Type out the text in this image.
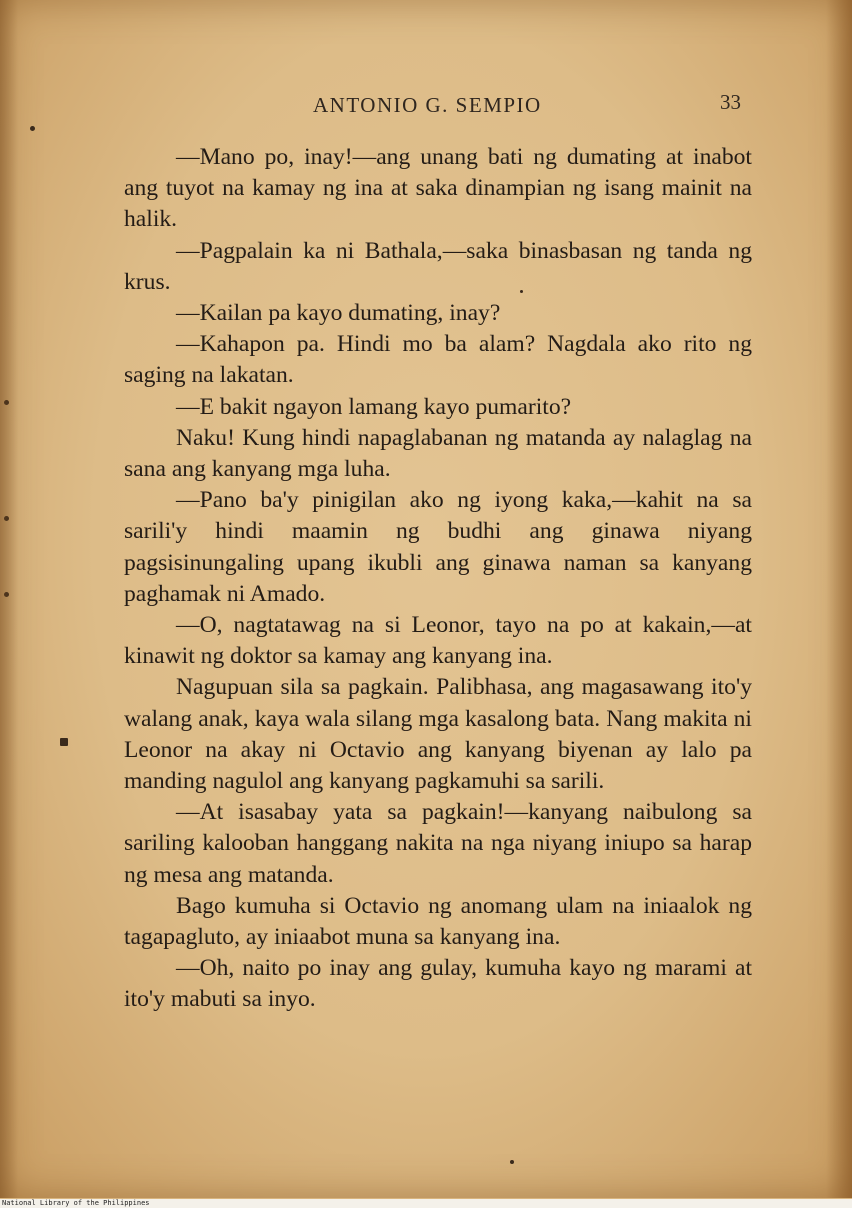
ANTONIO G. SEMPIO	33

—Mano po, inay!—ang unang bati ng dumating at inabot ang tuyot na kamay ng ina at saka dinampian ng isang mainit na halik.

—Pagpalain ka ni Bathala,—saka binasbasan ng tanda ng krus.

—Kailan pa kayo dumating, inay?

—Kahapon pa. Hindi mo ba alam? Nagdala ako rito ng saging na lakatan.

—E bakit ngayon lamang kayo pumarito?

Naku! Kung hindi napaglabanan ng matanda ay nalaglag na sana ang kanyang mga luha.

—Pano ba'y pinigilan ako ng iyong kaka,—kahit na sa sarili'y hindi maamin ng budhi ang ginawa niyang pagsisinungaling upang ikubli ang ginawa naman sa kanyang paghamak ni Amado.

—O, nagtatawag na si Leonor, tayo na po at kakain,—at kinawit ng doktor sa kamay ang kanyang ina.

Nagupuan sila sa pagkain. Palibhasa, ang magasawang ito'y walang anak, kaya wala silang mga kasalong bata. Nang makita ni Leonor na akay ni Octavio ang kanyang biyenan ay lalo pa manding nagulol ang kanyang pagkamuhi sa sarili.

—At isasabay yata sa pagkain!—kanyang naibulong sa sariling kalooban hanggang nakita na nga niyang iniupo sa harap ng mesa ang matanda.

Bago kumuha si Octavio ng anomang ulam na iniaalok ng tagapagluto, ay iniaabot muna sa kanyang ina.

—Oh, naito po inay ang gulay, kumuha kayo ng marami at ito'y mabuti sa inyo.

National Library of the Philippines
